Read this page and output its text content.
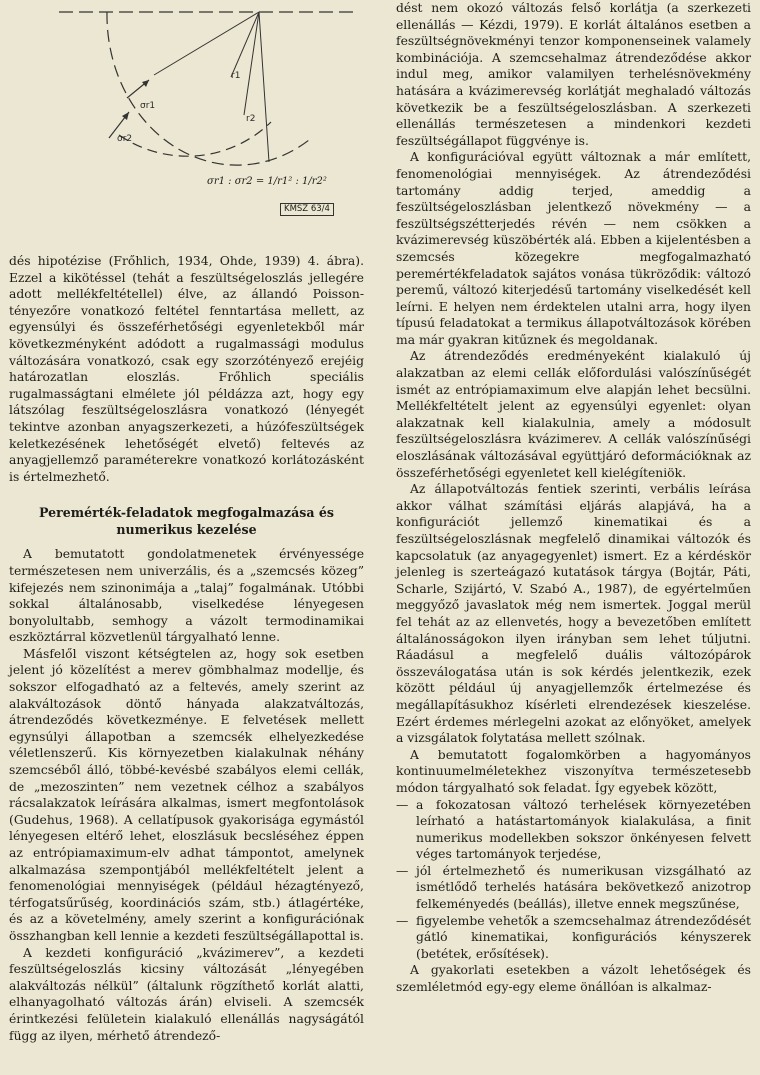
r1
r2
σr1
σr2
σr1 : σr2 = 1/r1² : 1/r2²
KMSZ 63/4

dés hipotézise (Frőhlich, 1934, Ohde, 1939) 4. ábra). Ezzel a kikötéssel (tehát a feszültségeloszlás jellegére adott mellékfeltétellel) élve, az állandó Poisson-tényezőre vonatkozó feltétel fenntartása mellett, az egyensúlyi és összeférhetőségi egyenletekből már következményként adódott a rugalmassági modulus változására vonatkozó, csak egy szorzótényező erejéig határozatlan eloszlás. Frőhlich speciális rugalmasságtani elmélete jól példázza azt, hogy egy látszólag feszültségeloszlásra vonatkozó (lényegét tekintve azonban anyagszerkezeti, a húzófeszültségek keletkezésének lehetőségét elvető) feltevés az anyagjellemző paraméterekre vonatkozó korlátozásként is értelmezhető.

Peremérték-feladatok megfogalmazása és numerikus kezelése

A bemutatott gondolatmenetek érvényessége természetesen nem univerzális, és a „szemcsés közeg” kifejezés nem szinonimája a „talaj” fogalmának. Utóbbi sokkal általánosabb, viselkedése lényegesen bonyolultabb, semhogy a vázolt termodinamikai eszköztárral közvetlenül tárgyalható lenne.

Másfelől viszont kétségtelen az, hogy sok esetben jelent jó közelítést a merev gömbhalmaz modellje, és sokszor elfogadható az a feltevés, amely szerint az alakváltozások döntő hányada alakzatváltozás, átrendeződés következménye. E felvetések mellett egynsúlyi állapotban a szemcsék elhelyezkedése véletlenszerű. Kis környezetben kialakulnak néhány szemcséből álló, többé-kevésbé szabályos elemi cellák, de „mezoszinten” nem vezetnek célhoz a szabályos rácsalakzatok leírására alkalmas, ismert megfontolások (Gudehus, 1968). A cellatípusok gyakorisága egymástól lényegesen eltérő lehet, eloszlásuk becsléséhez éppen az entrópiamaximum-elv adhat támpontot, amelynek alkalmazása szempontjából mellékfeltételt jelent a fenomenológiai mennyiségek (például hézagtényező, térfogatsűrűség, koordinációs szám, stb.) átlagértéke, és az a követelmény, amely szerint a konfigurációnak összhangban kell lennie a kezdeti feszültségállapottal is.

A kezdeti konfiguráció „kvázimerev”, a kezdeti feszültségeloszlás kicsiny változását „lényegében alakváltozás nélkül” (általunk rögzíthető korlát alatti, elhanyagolható változás árán) elviseli. A szemcsék érintkezési felületein kialakuló ellenállás nagyságától függ az ilyen, mérhető átrendező-

dést nem okozó változás felső korlátja (a szerkezeti ellenállás — Kézdi, 1979). E korlát általános esetben a feszültségnövekményi tenzor komponenseinek valamely kombinációja. A szemcsehalmaz átrendeződése akkor indul meg, amikor valamilyen terhelésnövekmény hatására a kvázimerevség korlátját meghaladó változás következik be a feszültségeloszlásban. A szerkezeti ellenállás természetesen a mindenkori kezdeti feszültségállapot függvénye is.

A konfigurációval együtt változnak a már említett, fenomenológiai mennyiségek. Az átrendeződési tartomány addig terjed, ameddig a feszültségeloszlásban jelentkező növekmény — a feszültségszétterjedés révén — nem csökken a kvázimerevség küszöbérték alá. Ebben a kijelentésben a szemcsés közegekre megfogalmazható peremértékfeladatok sajátos vonása tükröződik: változó peremű, változó kiterjedésű tartomány viselkedését kell leírni. E helyen nem érdektelen utalni arra, hogy ilyen típusú feladatokat a termikus állapotváltozások körében ma már gyakran kitűznek és megoldanak.

Az átrendeződés eredményeként kialakuló új alakzatban az elemi cellák előfordulási valószínűségét ismét az entrópiamaximum elve alapján lehet becsülni. Mellékfeltételt jelent az egyensúlyi egyenlet: olyan alakzatnak kell kialakulnia, amely a módosult feszültségeloszlásra kvázimerev. A cellák valószínűségi eloszlásának változásával együttjáró deformációknak az összeférhetőségi egyenletet kell kielégíteniök.

Az állapotváltozás fentiek szerinti, verbális leírása akkor válhat számítási eljárás alapjává, ha a konfigurációt jellemző kinematikai és a feszültségeloszlásnak megfelelő dinamikai változók és kapcsolatuk (az anyagegyenlet) ismert. Ez a kérdéskör jelenleg is szerteágazó kutatások tárgya (Bojtár, Páti, Scharle, Szijártó, V. Szabó A., 1987), de egyértelműen meggyőző javaslatok még nem ismertek. Joggal merül fel tehát az az ellenvetés, hogy a bevezetőben említett általánosságokon ilyen irányban sem lehet túljutni. Ráadásul a megfelelő duális változópárok összeválogatása után is sok kérdés jelentkezik, ezek között például új anyagjellemzők értelmezése és megállapításukhoz kísérleti elrendezések kieszelése. Ezért érdemes mérlegelni azokat az előnyöket, amelyek a vizsgálatok folytatása mellett szólnak.

A bemutatott fogalomkörben a hagyományos kontinuumelméletekhez viszonyítva természetesebb módon tárgyalható sok feladat. Így egyebek között,

— a fokozatosan változó terhelések környezetében leírható a hatástartományok kialakulása, a finit numerikus modellekben sokszor önkényesen felvett véges tartományok terjedése,
— jól értelmezhető és numerikusan vizsgálható az ismétlődő terhelés hatására bekövetkező anizotrop felkeményedés (beállás), illetve ennek megszűnése,
— figyelembe vehetők a szemcsehalmaz átrendeződését gátló kinematikai, konfigurációs kényszerek (betétek, erősítések).

A gyakorlati esetekben a vázolt lehetőségek és szemléletmód egy-egy eleme önállóan is alkalmaz-
